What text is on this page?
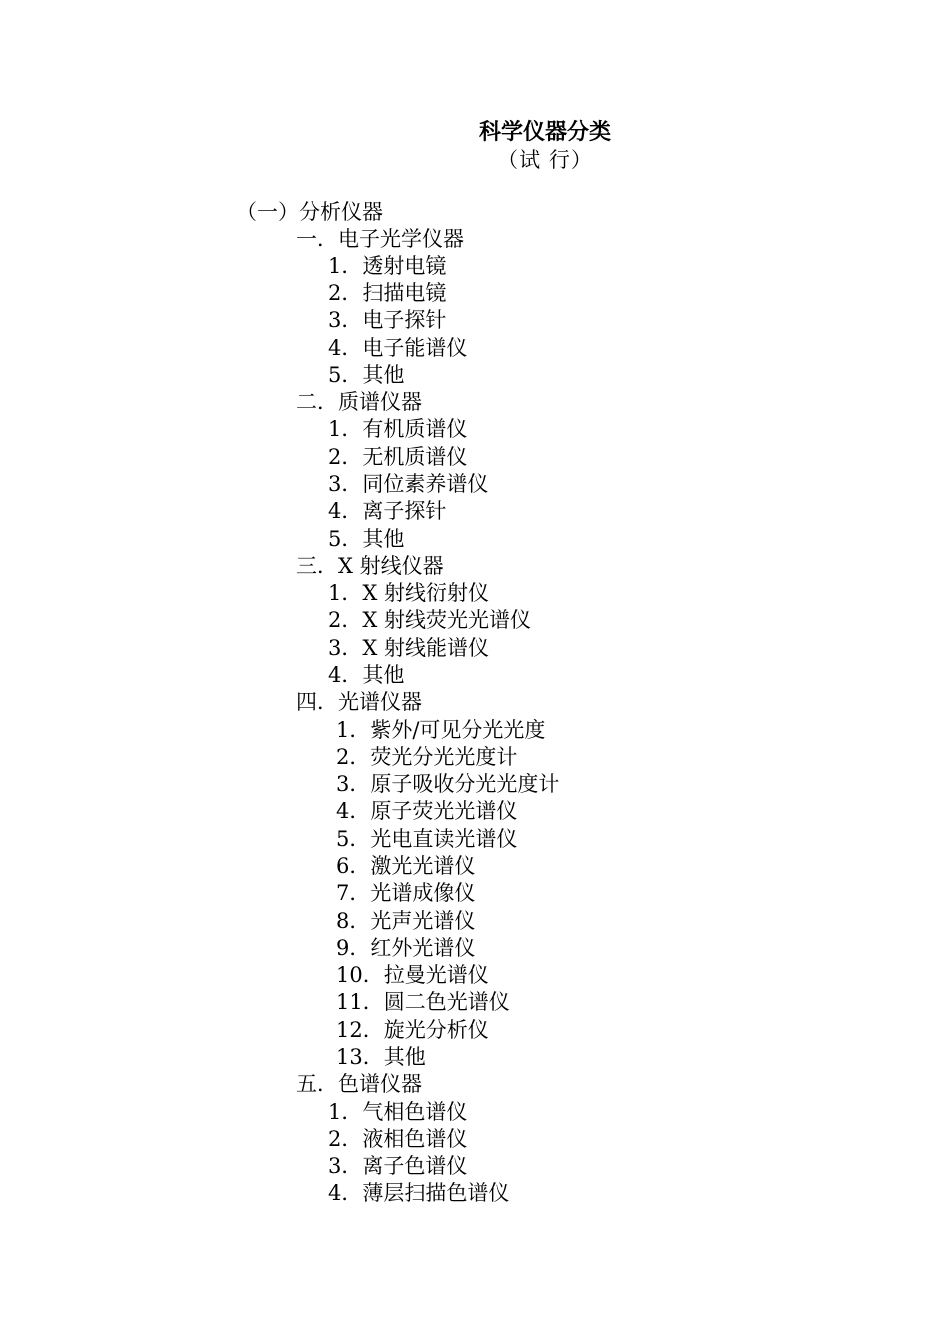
科学仪器分类
（试 行）
（一）分析仪器
一．电子光学仪器
1．透射电镜
2．扫描电镜
3．电子探针
4．电子能谱仪
5．其他
二．质谱仪器
1．有机质谱仪
2．无机质谱仪
3．同位素养谱仪
4．离子探针
5．其他
三．X 射线仪器
1．X 射线衍射仪
2．X 射线荧光光谱仪
3．X 射线能谱仪
4．其他
四．光谱仪器
1．紫外/可见分光光度
2．荧光分光光度计
3．原子吸收分光光度计
4．原子荧光光谱仪
5．光电直读光谱仪
6．激光光谱仪
7．光谱成像仪
8．光声光谱仪
9．红外光谱仪
10．拉曼光谱仪
11．圆二色光谱仪
12．旋光分析仪
13．其他
五．色谱仪器
1．气相色谱仪
2．液相色谱仪
3．离子色谱仪
4．薄层扫描色谱仪
